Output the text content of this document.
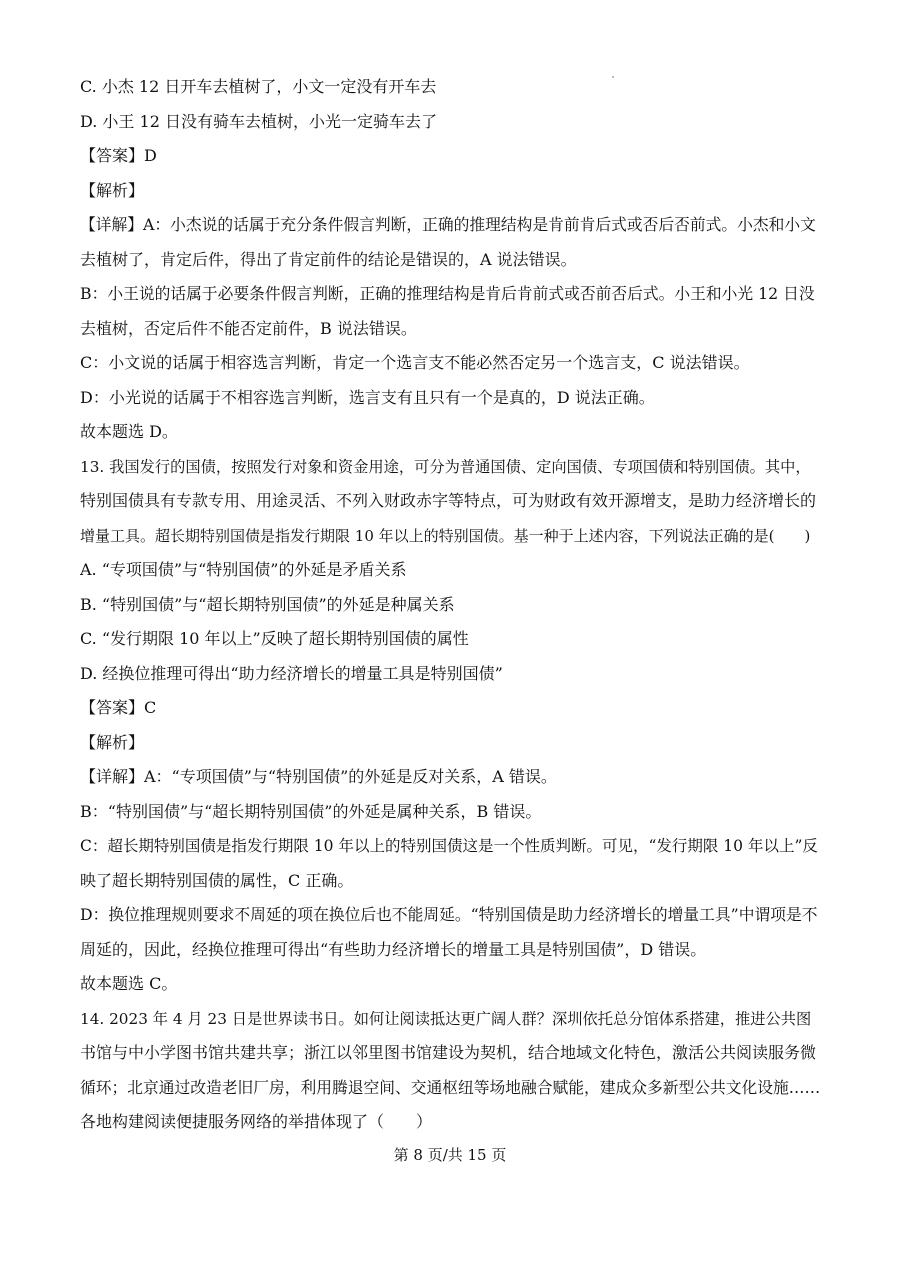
C. 小杰 12 日开车去植树了，小文一定没有开车去
D. 小王 12 日没有骑车去植树，小光一定骑车去了
【答案】D
【解析】
【详解】A：小杰说的话属于充分条件假言判断，正确的推理结构是肯前肯后式或否后否前式。小杰和小文
去植树了，肯定后件，得出了肯定前件的结论是错误的，A 说法错误。
B：小王说的话属于必要条件假言判断，正确的推理结构是肯后肯前式或否前否后式。小王和小光 12 日没
去植树，否定后件不能否定前件，B 说法错误。
C：小文说的话属于相容选言判断，肯定一个选言支不能必然否定另一个选言支，C 说法错误。
D：小光说的话属于不相容选言判断，选言支有且只有一个是真的，D 说法正确。
故本题选 D。
13. 我国发行的国债，按照发行对象和资金用途，可分为普通国债、定向国债、专项国债和特别国债。其中，
特别国债具有专款专用、用途灵活、不列入财政赤字等特点，可为财政有效开源增支，是助力经济增长的
增量工具。超长期特别国债是指发行期限 10 年以上的特别国债。基一种于上述内容，下列说法正确的是(　　)
A. “专项国债”与“特别国债”的外延是矛盾关系
B. “特别国债”与“超长期特别国债”的外延是种属关系
C. “发行期限 10 年以上”反映了超长期特别国债的属性
D. 经换位推理可得出“助力经济增长的增量工具是特别国债”
【答案】C
【解析】
【详解】A：“专项国债”与“特别国债”的外延是反对关系，A 错误。
B：“特别国债”与“超长期特别国债”的外延是属种关系，B 错误。
C：超长期特别国债是指发行期限 10 年以上的特别国债这是一个性质判断。可见，“发行期限 10 年以上”反
映了超长期特别国债的属性，C 正确。
D：换位推理规则要求不周延的项在换位后也不能周延。“特别国债是助力经济增长的增量工具”中谓项是不
周延的，因此，经换位推理可得出“有些助力经济增长的增量工具是特别国债”，D 错误。
故本题选 C。
14. 2023 年 4 月 23 日是世界读书日。如何让阅读抵达更广阔人群？深圳依托总分馆体系搭建，推进公共图
书馆与中小学图书馆共建共享；浙江以邻里图书馆建设为契机，结合地域文化特色，激活公共阅读服务微
循环；北京通过改造老旧厂房，利用腾退空间、交通枢纽等场地融合赋能，建成众多新型公共文化设施……
各地构建阅读便捷服务网络的举措体现了（　　）
第 8 页/共 15 页
